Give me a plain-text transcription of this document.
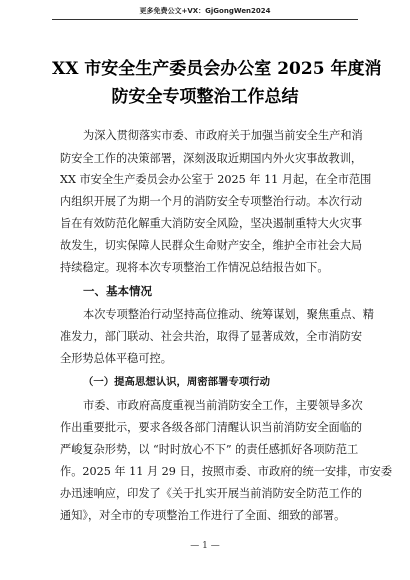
更多免费公文+VX：GjGongWen2024
XX 市安全生产委员会办公室 2025 年度消
防安全专项整治工作总结
为深入贯彻落实市委、市政府关于加强当前安全生产和消
防安全工作的决策部署，深刻汲取近期国内外火灾事故教训，
XX 市安全生产委员会办公室于 2025 年 11 月起，在全市范围
内组织开展了为期一个月的消防安全专项整治行动。本次行动
旨在有效防范化解重大消防安全风险，坚决遏制重特大火灾事
故发生，切实保障人民群众生命财产安全，维护全市社会大局
持续稳定。现将本次专项整治工作情况总结报告如下。
一、基本情况
本次专项整治行动坚持高位推动、统筹谋划，聚焦重点、精
准发力，部门联动、社会共治，取得了显著成效，全市消防安
全形势总体平稳可控。
（一）提高思想认识，周密部署专项行动
市委、市政府高度重视当前消防安全工作，主要领导多次
作出重要批示，要求各级各部门清醒认识当前消防安全面临的
严峻复杂形势，以 “时时放心不下” 的责任感抓好各项防范工
作。2025 年 11 月 29 日，按照市委、市政府的统一安排，市安委
办迅速响应，印发了《关于扎实开展当前消防安全防范工作的
通知》，对全市的专项整治工作进行了全面、细致的部署。
— 1 —
